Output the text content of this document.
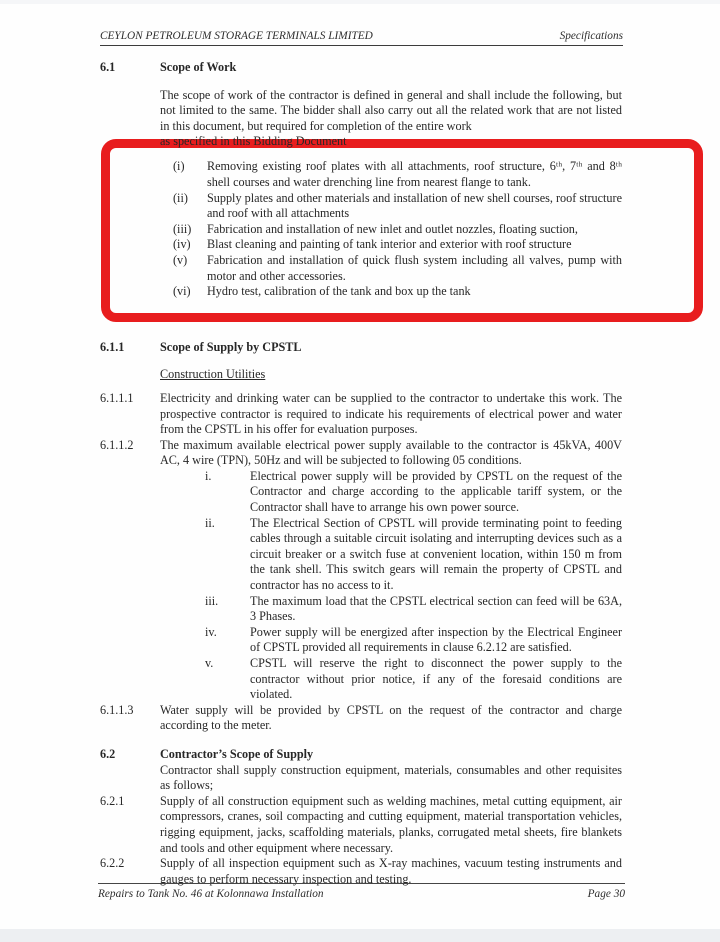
CEYLON PETROLEUM STORAGE TERMINALS LIMITED	Specifications
6.1	Scope of Work
The scope of work of the contractor is defined in general and shall include the following, but not limited to the same. The bidder shall also carry out all the related work that are not listed in this document, but required for completion of the entire work
as specified in this Bidding Document
(i)	Removing existing roof plates with all attachments, roof structure, 6ᵗʰ, 7ᵗʰ and 8ᵗʰ shell courses and water drenching line from nearest flange to tank.
(ii)	Supply plates and other materials and installation of new shell courses, roof structure and roof with all attachments
(iii)	Fabrication and installation of new inlet and outlet nozzles, floating suction,
(iv)	Blast cleaning and painting of tank interior and exterior with roof structure
(v)	Fabrication and installation of quick flush system including all valves, pump with motor and other accessories.
(vi)	Hydro test, calibration of the tank and box up the tank
6.1.1	Scope of Supply by CPSTL
Construction Utilities
6.1.1.1	Electricity and drinking water can be supplied to the contractor to undertake this work. The prospective contractor is required to indicate his requirements of electrical power and water from the CPSTL in his offer for evaluation purposes.
6.1.1.2	The maximum available electrical power supply available to the contractor is 45kVA, 400V AC, 4 wire (TPN), 50Hz and will be subjected to following 05 conditions.
i.	Electrical power supply will be provided by CPSTL on the request of the Contractor and charge according to the applicable tariff system, or the Contractor shall have to arrange his own power source.
ii.	The Electrical Section of CPSTL will provide terminating point to feeding cables through a suitable circuit isolating and interrupting devices such as a circuit breaker or a switch fuse at convenient location, within 150 m from the tank shell. This switch gears will remain the property of CPSTL and contractor has no access to it.
iii.	The maximum load that the CPSTL electrical section can feed will be 63A, 3 Phases.
iv.	Power supply will be energized after inspection by the Electrical Engineer of CPSTL provided all requirements in clause 6.2.12 are satisfied.
v.	CPSTL will reserve the right to disconnect the power supply to the contractor without prior notice, if any of the foresaid conditions are violated.
6.1.1.3	Water supply will be provided by CPSTL on the request of the contractor and charge according to the meter.
6.2	Contractor’s Scope of Supply
Contractor shall supply construction equipment, materials, consumables and other requisites as follows;
6.2.1	Supply of all construction equipment such as welding machines, metal cutting equipment, air compressors, cranes, soil compacting and cutting equipment, material transportation vehicles, rigging equipment, jacks, scaffolding materials, planks, corrugated metal sheets, fire blankets and tools and other equipment where necessary.
6.2.2	Supply of all inspection equipment such as X-ray machines, vacuum testing instruments and gauges to perform necessary inspection and testing.
Repairs to Tank No. 46 at Kolonnawa Installation	Page 30
